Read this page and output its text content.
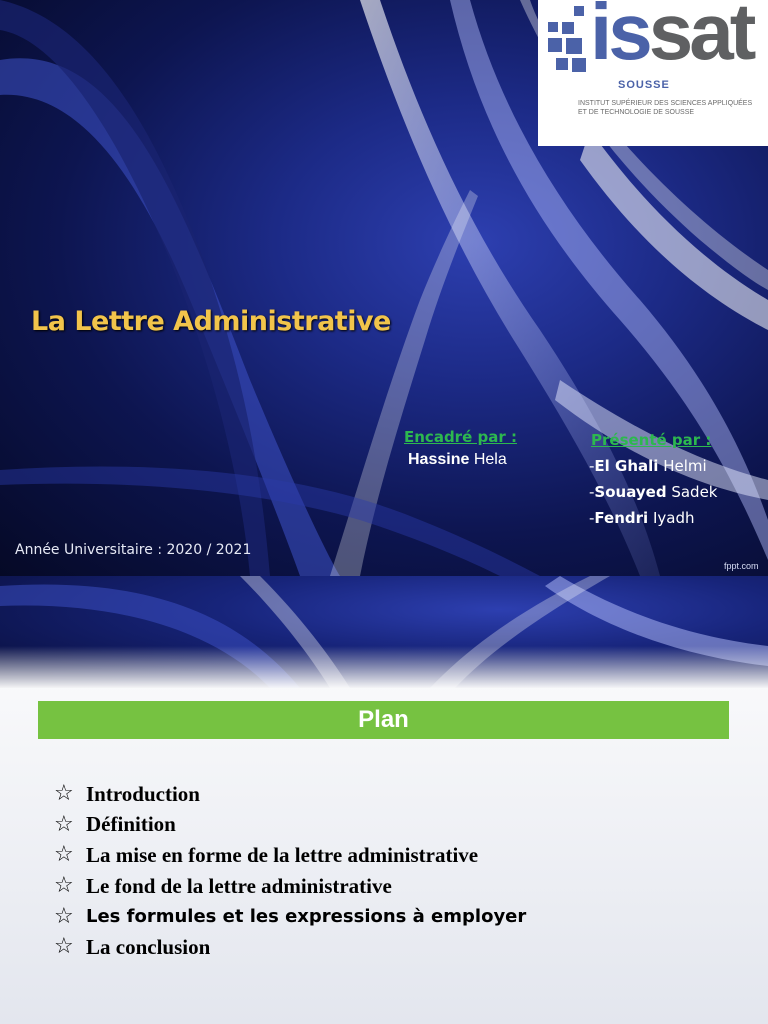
issat
SOUSSE
INSTITUT SUPÉRIEUR DES SCIENCES APPLIQUÉES
ET DE TECHNOLOGIE DE SOUSSE
La Lettre Administrative
Encadré par :
Hassine Hela
Présenté par :
-El Ghali Helmi
-Souayed Sadek
-Fendri Iyadh
Année Universitaire : 2020 / 2021
fppt.com
Plan
☆ Introduction
☆ Définition
☆ La mise en forme de la lettre administrative
☆ Le fond de la lettre administrative
☆ Les formules et les expressions à employer
☆ La conclusion
